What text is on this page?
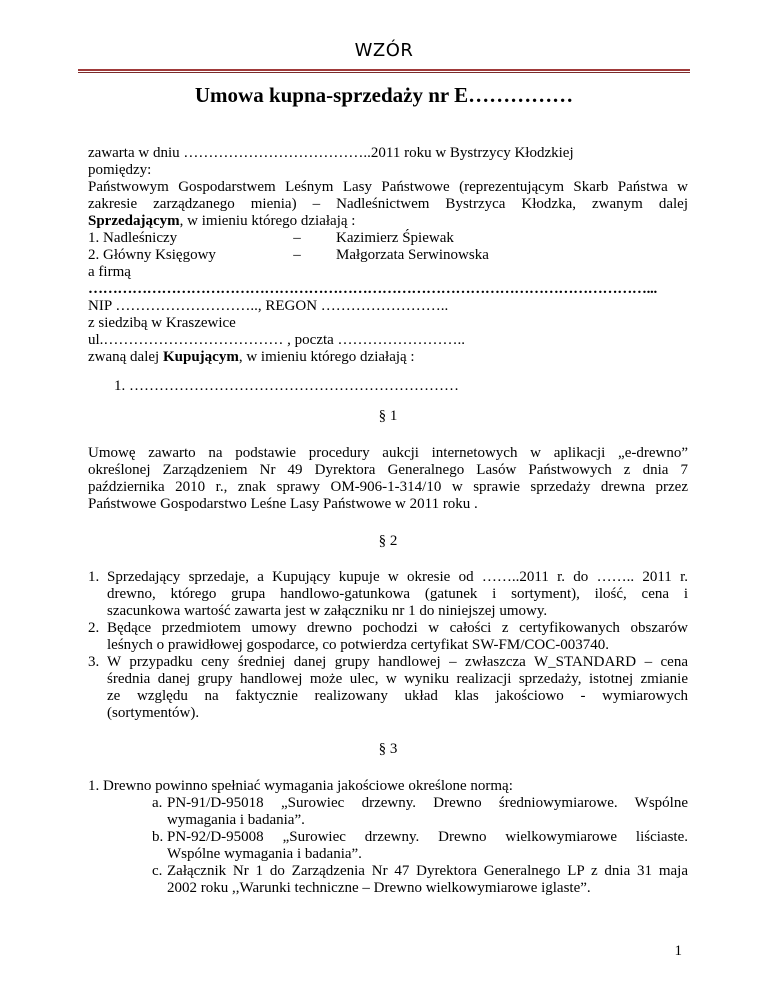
WZÓR
Umowa kupna-sprzedaży nr E……………
zawarta w dniu ………………………………..2011 roku w Bystrzycy Kłodzkiej
pomiędzy:
Państwowym Gospodarstwem Leśnym Lasy Państwowe (reprezentującym Skarb Państwa w
zakresie zarządzanego mienia) – Nadleśnictwem Bystrzyca Kłodzka, zwanym dalej
Sprzedającym, w imieniu którego działają :
1. Nadleśniczy	–	Kazimierz Śpiewak
2. Główny Księgowy	–	Małgorzata Serwinowska
a firmą
……………………………………………………………………………………………………...
NIP ……………………….., REGON ……………………..
z siedzibą w Kraszewice
ul.……………………………… , poczta ……………………..
zwaną dalej Kupującym, w imieniu którego działają :
1. …………………………………………………………
§ 1
Umowę zawarto na podstawie procedury aukcji internetowych w aplikacji „e-drewno”
określonej Zarządzeniem Nr 49 Dyrektora Generalnego Lasów Państwowych z dnia 7
października 2010 r., znak sprawy OM-906-1-314/10 w sprawie sprzedaży drewna przez
Państwowe Gospodarstwo Leśne Lasy Państwowe w 2011 roku .
§ 2
1. Sprzedający sprzedaje, a Kupujący kupuje w okresie od ……..2011 r. do …….. 2011 r.
drewno, którego grupa handlowo-gatunkowa (gatunek i sortyment), ilość, cena i
szacunkowa wartość zawarta jest w załączniku nr 1 do niniejszej umowy.
2. Będące przedmiotem umowy drewno pochodzi w całości z certyfikowanych obszarów
leśnych o prawidłowej gospodarce, co potwierdza certyfikat SW-FM/COC-003740.
3. W przypadku ceny średniej danej grupy handlowej – zwłaszcza W_STANDARD – cena
średnia danej grupy handlowej może ulec, w wyniku realizacji sprzedaży, istotnej zmianie
ze względu na faktycznie realizowany układ klas jakościowo - wymiarowych
(sortymentów).
§ 3
1. Drewno powinno spełniać wymagania jakościowe określone normą:
a. PN-91/D-95018 „Surowiec drzewny. Drewno średniowymiarowe. Wspólne
wymagania i badania”.
b. PN-92/D-95008 „Surowiec drzewny. Drewno wielkowymiarowe liściaste.
Wspólne wymagania i badania”.
c. Załącznik Nr 1 do Zarządzenia Nr 47 Dyrektora Generalnego LP z dnia 31 maja
2002 roku ,,Warunki techniczne – Drewno wielkowymiarowe iglaste”.
1
